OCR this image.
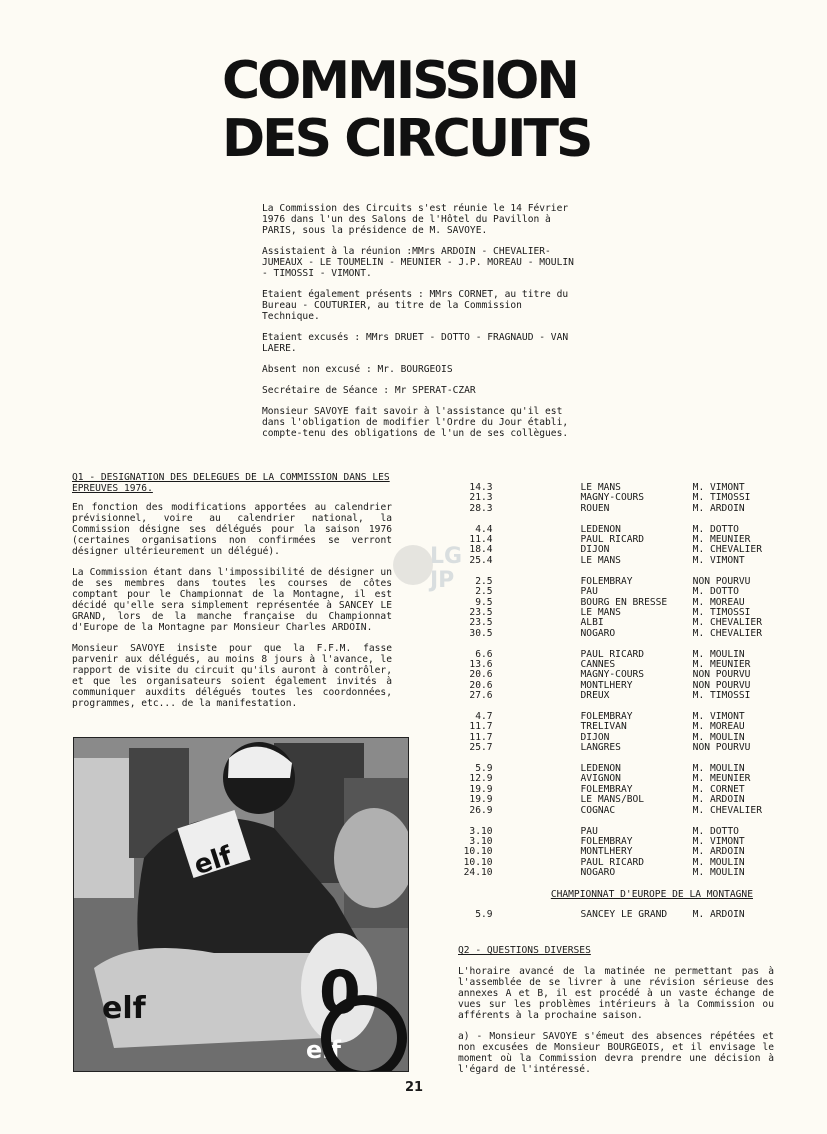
COMMISSION
DES CIRCUITS

La Commission des Circuits s'est réunie le 14 Février 1976 dans l'un des Salons de l'Hôtel du Pavillon à PARIS, sous la présidence de M. SAVOYE.

Assistaient à la réunion :MMrs ARDOIN - CHEVALIER-JUMEAUX - LE TOUMELIN - MEUNIER - J.P. MOREAU - MOULIN - TIMOSSI - VIMONT.

Etaient également présents : MMrs CORNET, au titre du Bureau - COUTURIER, au titre de la Commission Technique.

Etaient excusés : MMrs DRUET - DOTTO - FRAGNAUD - VAN LAERE.

Absent non excusé : Mr. BOURGEOIS

Secrétaire de Séance : Mr SPERAT-CZAR

Monsieur SAVOYE fait savoir à l'assistance qu'il est dans l'obligation de modifier l'Ordre du Jour établi, compte-tenu des obligations de l'un de ses collègues.

Q1 - DESIGNATION DES DELEGUES DE LA COMMISSION DANS LES EPREUVES 1976.

En fonction des modifications apportées au calendrier prévisionnel, voire au calendrier national, la Commission désigne ses délégués pour la saison 1976 (certaines organisations non confirmées se verront désigner ultérieurement un délégué).

La Commission étant dans l'impossibilité de désigner un de ses membres dans toutes les courses de côtes comptant pour le Championnat de la Montagne, il est décidé qu'elle sera simplement représentée à SANCEY LE GRAND, lors de la manche française du Championnat d'Europe de la Montagne par Monsieur Charles ARDOIN.

Monsieur SAVOYE insiste pour que la F.F.M. fasse parvenir aux délégués, au moins 8 jours à l'avance, le rapport de visite du circuit qu'ils auront à contrôler, et que les organisateurs soient également invités à communiquer auxdits délégués toutes les coordonnées, programmes, etc... de la manifestation.

LG
JP
elf
elf	0
elf
14.3	LE MANS	M. VIMONT
21.3	MAGNY-COURS	M. TIMOSSI
28.3	ROUEN	M. ARDOIN
4.4	LEDENON	M. DOTTO
11.4	PAUL RICARD	M. MEUNIER
18.4	DIJON	M. CHEVALIER
25.4	LE MANS	M. VIMONT
2.5	FOLEMBRAY	NON POURVU
2.5	PAU	M. DOTTO
9.5	BOURG EN BRESSE	M. MOREAU
23.5	LE MANS	M. TIMOSSI
23.5	ALBI	M. CHEVALIER
30.5	NOGARO	M. CHEVALIER
6.6	PAUL RICARD	M. MOULIN
13.6	CANNES	M. MEUNIER
20.6	MAGNY-COURS	NON POURVU
20.6	MONTLHERY	NON POURVU
27.6	DREUX	M. TIMOSSI
4.7	FOLEMBRAY	M. VIMONT
11.7	TRELIVAN	M. MOREAU
11.7	DIJON	M. MOULIN
25.7	LANGRES	NON POURVU
5.9	LEDENON	M. MOULIN
12.9	AVIGNON	M. MEUNIER
19.9	FOLEMBRAY	M. CORNET
19.9	LE MANS/BOL	M. ARDOIN
26.9	COGNAC	M. CHEVALIER
3.10	PAU	M. DOTTO
3.10	FOLEMBRAY	M. VIMONT
10.10	MONTLHERY	M. ARDOIN
10.10	PAUL RICARD	M. MOULIN
24.10	NOGARO	M. MOULIN
CHAMPIONNAT D'EUROPE DE LA MONTAGNE
5.9	SANCEY LE GRAND	M. ARDOIN
Q2 - QUESTIONS DIVERSES

L'horaire avancé de la matinée ne permettant pas à l'assemblée de se livrer à une révision sérieuse des annexes A et B, il est procédé à un vaste échange de vues sur les problèmes intérieurs à la Commission ou afférents à la prochaine saison.

a) - Monsieur SAVOYE s'émeut des absences répétées et non excusées de Monsieur BOURGEOIS, et il envisage le moment où la Commission devra prendre une décision à l'égard de l'intéressé.

21
